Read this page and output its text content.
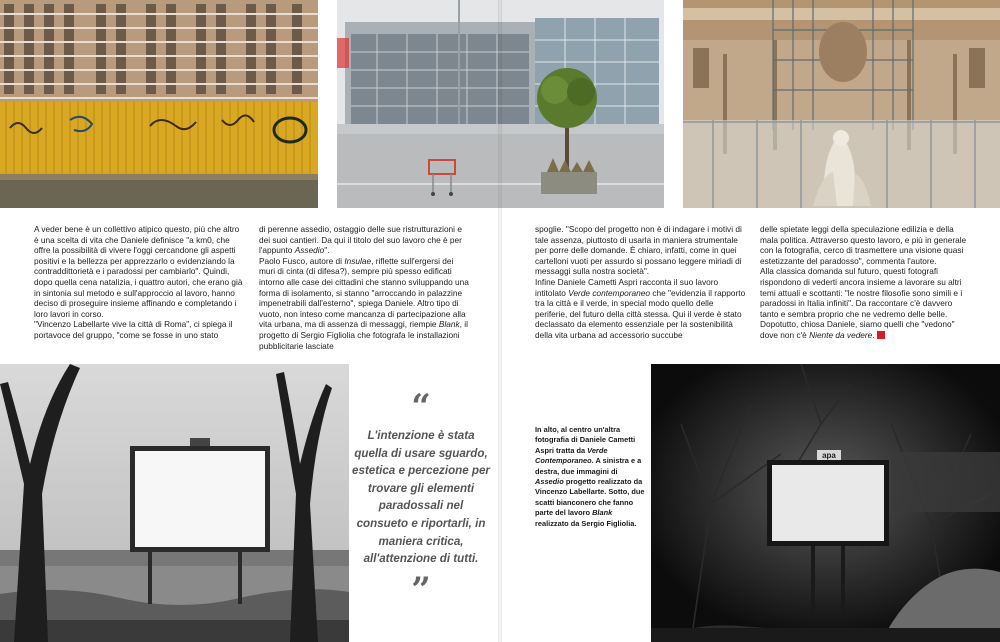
A veder bene è un collettivo atipico questo, più che altro è una scelta di vita che Daniele definisce "a km0, che offre la possibilità di vivere l'oggi cercandone gli aspetti positivi e la bellezza per apprezzarlo o evidenziando la contraddittorietà e i paradossi per cambiarlo". Quindi, dopo quella cena natalizia, i quattro autori, che erano già in sintonia sul metodo e sull'approccio al lavoro, hanno deciso di proseguire insieme affinando e completando i loro lavori in corso.

"Vincenzo Labellarte vive la città di Roma", ci spiega il portavoce del gruppo, "come se fosse in uno stato

di perenne assedio, ostaggio delle sue ristrutturazioni e dei suoi cantieri. Da qui il titolo del suo lavoro che è per l'appunto Assedio".

Paolo Fusco, autore di Insulae, riflette sull'ergersi dei muri di cinta (di difesa?), sempre più spesso edificati intorno alle case dei cittadini che stanno sviluppando una forma di isolamento, si stanno "arroccando in palazzine impenetrabili dall'esterno", spiega Daniele. Altro tipo di vuoto, non inteso come mancanza di partecipazione alla vita urbana, ma di assenza di messaggi, riempie Blank, il progetto di Sergio Figliolia che fotografa le installazioni pubblicitarie lasciate

spoglie. "Scopo del progetto non è di indagare i motivi di tale assenza, piuttosto di usarla in maniera strumentale per porre delle domande. È chiaro, infatti, come in quei cartelloni vuoti per assurdo si possano leggere miriadi di messaggi sulla nostra società".

Infine Daniele Cametti Aspri racconta il suo lavoro intitolato Verde contemporaneo che "evidenzia il rapporto tra la città e il verde, in special modo quello delle periferie, del futuro della città stessa. Qui il verde è stato declassato da elemento essenziale per la sostenibilità della vita urbana ad accessorio succube

delle spietate leggi della speculazione edilizia e della mala politica. Attraverso questo lavoro, e più in generale con la fotografia, cerco di trasmettere una visione quasi estetizzante del paradosso", commenta l'autore.

Alla classica domanda sul futuro, questi fotografi rispondono di vederti ancora insieme a lavorare su altri temi attuali e scottanti: "le nostre filosofie sono simili e i paradossi in Italia infiniti". Da raccontare c'è davvero tanto e sembra proprio che ne vedremo delle belle. Dopotutto, chiosa Daniele, siamo quelli che "vedono" dove non c'è Niente da vedere.

“
L'intenzione è stata quella di usare sguardo, estetica e percezione per trovare gli elementi paradossali nel consueto e riportarli, in maniera critica, all'attenzione di tutti.
”
In alto, al centro un'altra fotografia di Daniele Cametti Aspri tratta da Verde Contemporaneo. A sinistra e a destra, due immagini di Assedio progetto realizzato da Vincenzo Labellarte. Sotto, due scatti bianconero che fanno parte del lavoro Blank realizzato da Sergio Figliolia.
apa
